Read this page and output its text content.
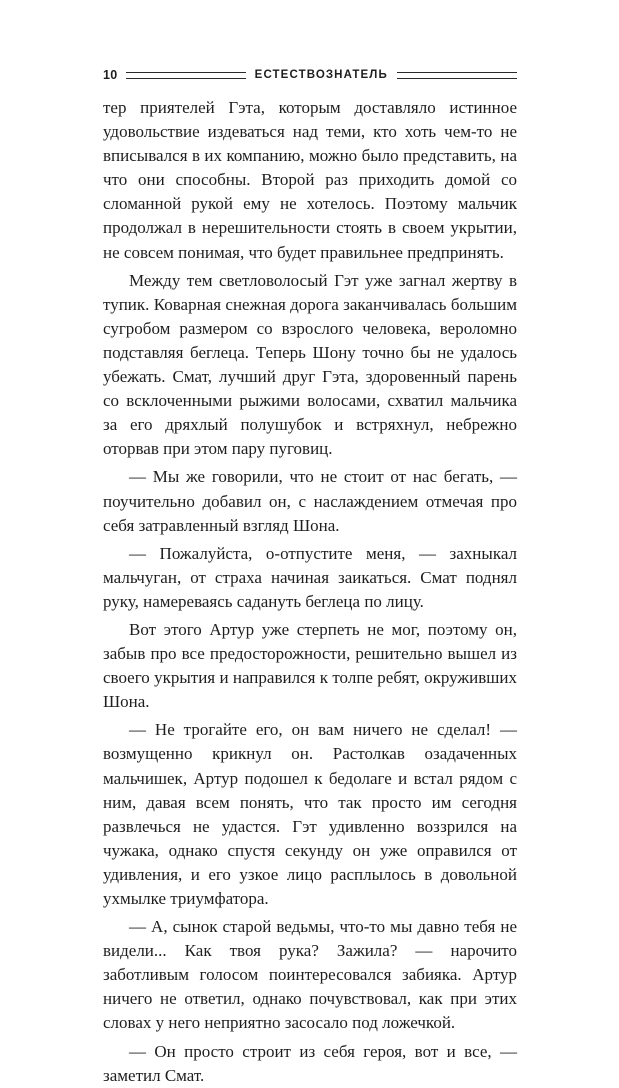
10	ЕСТЕСТВОЗНАТЕЛЬ

тер приятелей Гэта, которым доставляло истинное удовольствие издеваться над теми, кто хоть чем-то не вписывался в их компанию, можно было представить, на что они способны. Второй раз приходить домой со сломанной рукой ему не хотелось. Поэтому мальчик продолжал в нерешительности стоять в своем укрытии, не совсем понимая, что будет правильнее предпринять.

Между тем светловолосый Гэт уже загнал жертву в тупик. Коварная снежная дорога заканчивалась большим сугробом размером со взрослого человека, вероломно подставляя беглеца. Теперь Шону точно бы не удалось убежать. Смат, лучший друг Гэта, здоровенный парень со всклоченными рыжими волосами, схватил мальчика за его дряхлый полушубок и встряхнул, небрежно оторвав при этом пару пуговиц.

— Мы же говорили, что не стоит от нас бегать, — поучительно добавил он, с наслаждением отмечая про себя затравленный взгляд Шона.

— Пожалуйста, о-отпустите меня, — захныкал мальчуган, от страха начиная заикаться. Смат поднял руку, намереваясь садануть беглеца по лицу.

Вот этого Артур уже стерпеть не мог, поэтому он, забыв про все предосторожности, решительно вышел из своего укрытия и направился к толпе ребят, окруживших Шона.

— Не трогайте его, он вам ничего не сделал! — возмущенно крикнул он. Растолкав озадаченных мальчишек, Артур подошел к бедолаге и встал рядом с ним, давая всем понять, что так просто им сегодня развлечься не удастся. Гэт удивленно воззрился на чужака, однако спустя секунду он уже оправился от удивления, и его узкое лицо расплылось в довольной ухмылке триумфатора.

— А, сынок старой ведьмы, что-то мы давно тебя не видели... Как твоя рука? Зажила? — нарочито заботливым голосом поинтересовался забияка. Артур ничего не ответил, однако почувствовал, как при этих словах у него неприятно засосало под ложечкой.

— Он просто строит из себя героя, вот и все, — заметил Смат.
